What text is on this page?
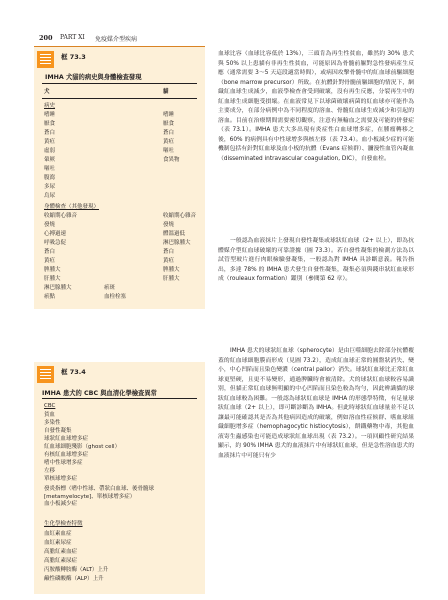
200 PART XI 免疫媒介型疾病
框 73.3
IMHA 犬貓的病史與身體檢查發現
犬	貓
病史
嗜睡
厭食
蒼白
黃疸
虛弱
暈厥
嘔吐
腹瀉
多尿
烏尿
嗜睡
厭食
蒼白
黃疸
嘔吐
食異物
身體檢查（其他發現）
收縮期心雜音
發燒
心搏過速
呼吸急促
蒼白
黃疸
脾腫大
肝腫大
淋巴腺腫大
瘀點
瘀斑
血栓栓塞
收縮期心雜音
發燒
體溫過低
淋巴腺腫大
蒼白
黃疸
脾腫大
肝腫大
框 73.4
IMHA 患犬的 CBC 與血清化學檢查異常
CBC
貧血
多染性
自發性凝集
球狀紅血球增多症
紅血球細胞殘影（ghost cell）
有核紅血球增多症
嗜中性球增多症
左移
單核球增多症
發炎指標（嗜中性球、帶狀白血球、後骨髓球 [metamyelocyte]、單核球增多症）
血小板減少症
生化學檢查特徵
血紅素血症
血紅素尿症
高膽紅素血症
高膽紅素尿症
丙胺酸轉胺酶（ALT）上升
鹼性磷酸酶（ALP）上升

血球比容（血球比容低於 13%），三頭肯為再生性貧血，雖然約 30% 患犬與 50% 以上患貓有非再生性貧血，可能原因為骨髓前軀對急性發病產生反應（通常需要 3～5 天這段適當時間），或病因攻擊骨髓中的紅血球前驅細胞（bone marrow precursor）所致。在抗體針對骨髓前軀細胞的情況下，網織紅血球生成減少，血液學檢查會受到破壞，沒有再生反應，分裂再生中的紅血球生成細胞受損壞。在血液常見下以球菌破壞病菌的紅血球亦可能作為主要成分，在部分病例中為不同程度的溶血、骨髓紅血球生成減少和引起的溶血。目前在治療期間需要密切觀察，注意有無輸血之需要及可能的併發症（表 73.1）。IMHA 患犬大多出現有炎症性白血球增多症，在腫瘤轉移之後，60% 的病例具有中性球增多與核左移（表 73.4）。血小板減少症的可能機制包括有針對紅血球及血小板的抗體（Evans 症候群）、瀰漫性血管內凝血（disseminated intravascular coagulation, DIC），自發血栓。

一般認為血液抹片上發現自發性凝集或球狀紅血球（2+ 以上），即為抗體媒介型紅血球破壞的可靠證據（圖 73.3）。若自發性凝集的檢測方法為以試管型玻片進行肉眼檢驗發凝集，一般認為對 IMHA 具診斷意義。報告指出，多達 78% 的 IMHA 患犬發生自發性凝集，凝集必須與錢串狀紅血球形成（rouleaux formation）鑑別（參閱第 62 章）。

IMHA 患犬的球狀紅血球（spherocyte）是由巨噬細胞去除部分抗體覆蓋的紅血球細胞膜而形成（見圖 73.2），造成紅血球正常的圓盤狀消失、變小，中心凹陷而且染色變濃（central pallor）消失。球狀紅血球比正常紅血球更堅硬，且更不易變形，通過脾臟時會被清除。犬的球狀紅血球較容易識別，但貓正常紅血球無明顯的中心凹陷而且染色較為均勻，因此辨識貓的球狀紅血球較為困難。一般認為球狀紅血球是 IMHA 的形態學特徵，有足量球狀紅血球（2+ 以上），即可斷診斷為 IMHA。但此時球狀紅血球量並不足以讓最可能確認其是否為其他病因造成的破壞，例如溶血性症候群、嗜血球組織細胞增多症（hemophagocytic histiocytosis），餅鐵藥物中毒，其他血液寄生蟲感染也可能造成球狀紅血球出現（表 73.2）。一項回顧性研究結果顯示，約 90% IMHA 患犬的血液抹片中有球狀紅血球，但是急性溶血患犬的血液抹片中可能只有少
